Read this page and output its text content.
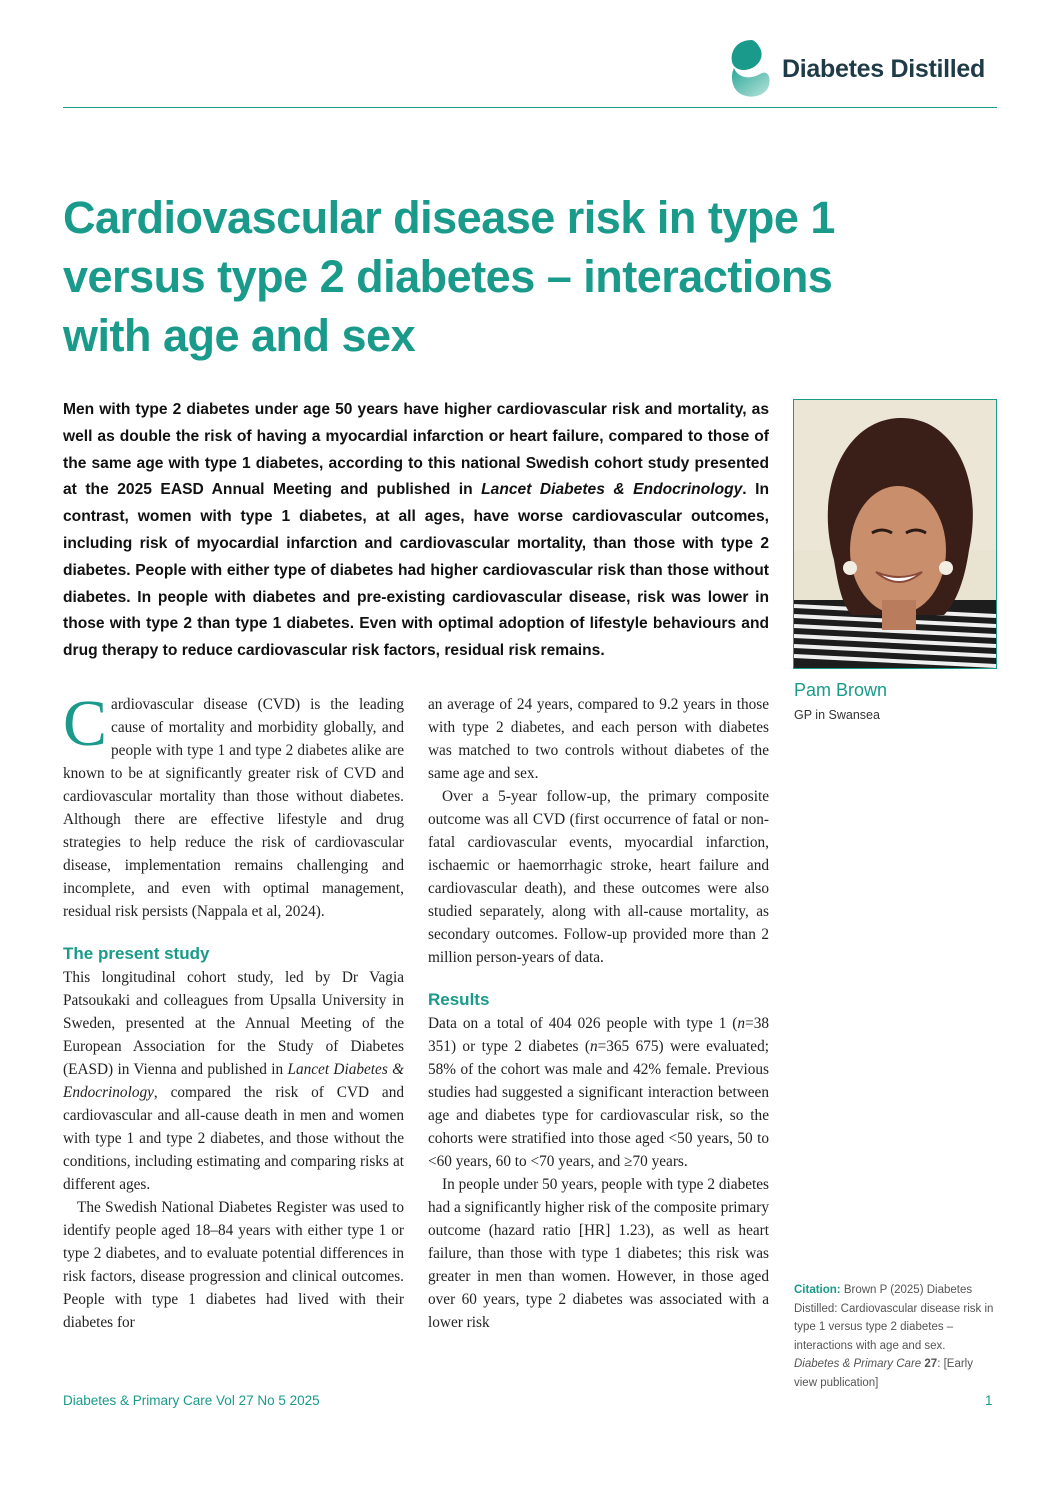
Diabetes Distilled
Cardiovascular disease risk in type 1 versus type 2 diabetes – interactions with age and sex

Men with type 2 diabetes under age 50 years have higher cardiovascular risk and mortality, as well as double the risk of having a myocardial infarction or heart failure, compared to those of the same age with type 1 diabetes, according to this national Swedish cohort study presented at the 2025 EASD Annual Meeting and published in Lancet Diabetes & Endocrinology. In contrast, women with type 1 diabetes, at all ages, have worse cardiovascular outcomes, including risk of myocardial infarction and cardiovascular mortality, than those with type 2 diabetes. People with either type of diabetes had higher cardiovascular risk than those without diabetes. In people with diabetes and pre-existing cardiovascular disease, risk was lower in those with type 2 than type 1 diabetes. Even with optimal adoption of lifestyle behaviours and drug therapy to reduce cardiovascular risk factors, residual risk remains.

Pam Brown
GP in Swansea

Cardiovascular disease (CVD) is the leading cause of mortality and morbidity globally, and people with type 1 and type 2 diabetes alike are known to be at significantly greater risk of CVD and cardiovascular mortality than those without diabetes. Although there are effective lifestyle and drug strategies to help reduce the risk of cardiovascular disease, implementation remains challenging and incomplete, and even with optimal management, residual risk persists (Nappala et al, 2024).

The present study

This longitudinal cohort study, led by Dr Vagia Patsoukaki and colleagues from Upsalla University in Sweden, presented at the Annual Meeting of the European Association for the Study of Diabetes (EASD) in Vienna and published in Lancet Diabetes & Endocrinology, compared the risk of CVD and cardiovascular and all-cause death in men and women with type 1 and type 2 diabetes, and those without the conditions, including estimating and comparing risks at different ages.

The Swedish National Diabetes Register was used to identify people aged 18–84 years with either type 1 or type 2 diabetes, and to evaluate potential differences in risk factors, disease progression and clinical outcomes. People with type 1 diabetes had lived with their diabetes for

an average of 24 years, compared to 9.2 years in those with type 2 diabetes, and each person with diabetes was matched to two controls without diabetes of the same age and sex.

Over a 5-year follow-up, the primary composite outcome was all CVD (first occurrence of fatal or non-fatal cardiovascular events, myocardial infarction, ischaemic or haemorrhagic stroke, heart failure and cardiovascular death), and these outcomes were also studied separately, along with all-cause mortality, as secondary outcomes. Follow-up provided more than 2 million person-years of data.

Results

Data on a total of 404 026 people with type 1 (n=38 351) or type 2 diabetes (n=365 675) were evaluated; 58% of the cohort was male and 42% female. Previous studies had suggested a significant interaction between age and diabetes type for cardiovascular risk, so the cohorts were stratified into those aged <50 years, 50 to <60 years, 60 to <70 years, and ≥70 years.

In people under 50 years, people with type 2 diabetes had a significantly higher risk of the composite primary outcome (hazard ratio [HR] 1.23), as well as heart failure, than those with type 1 diabetes; this risk was greater in men than women. However, in those aged over 60 years, type 2 diabetes was associated with a lower risk

Citation: Brown P (2025) Diabetes Distilled: Cardiovascular disease risk in type 1 versus type 2 diabetes – interactions with age and sex. Diabetes & Primary Care 27: [Early view publication]
Diabetes & Primary Care Vol 27 No 5 2025	1
